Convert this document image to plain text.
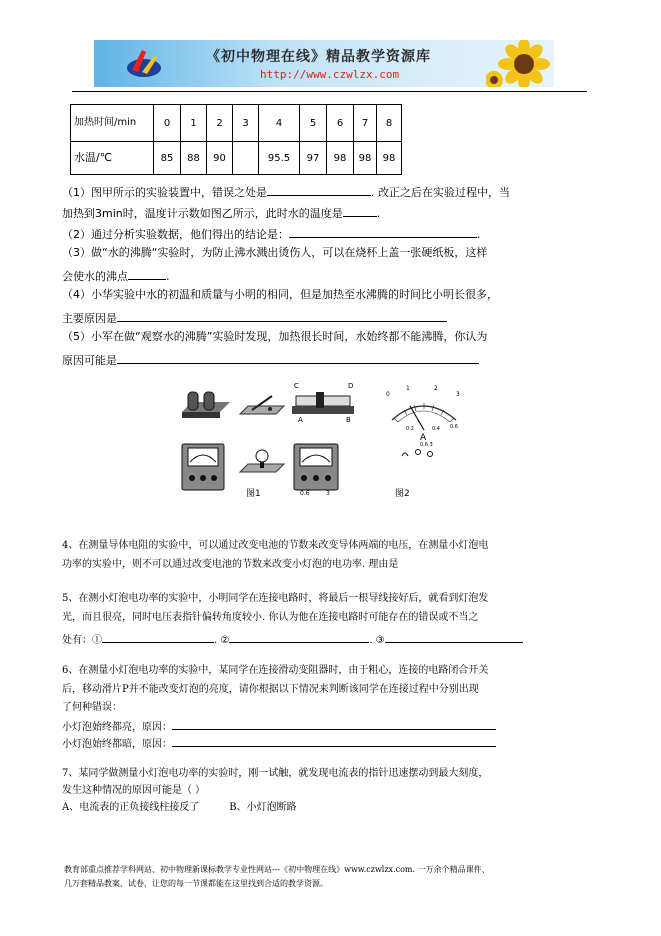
《初中物理在线》精品教学资源库
http://www.czwlzx.com
加热时间/min	0	1	2	3	4	5	6	7	8
水温/℃	85	88	90		95.5	97	98	98	98
（1）图甲所示的实验装置中，错误之处是	. 改正之后在实验过程中，当
加热到3min时，温度计示数如图乙所示，此时水的温度是	.
（2）通过分析实验数据，他们得出的结论是：	.
（3）做“水的沸腾“实验时，为防止沸水溅出烫伤人，可以在烧杯上盖一张硬纸板，这样
会使水的沸点	.
（4）小华实验中水的初温和质量与小明的相同，但是加热至水沸腾的时间比小明长很多，
主要原因是
（5）小军在做“观察水的沸腾”实验时发现，加热很长时间，水始终都不能沸腾，你认为
原因可能是
C	D
A	B
0.6	3
图1
0
1	2
3
0.2	0.4 0.6
A
0.6 3
图2
4、在测量导体电阻的实验中，可以通过改变电池的节数来改变导体两端的电压，在测量小灯泡电
功率的实验中，则不可以通过改变电池的节数来改变小灯泡的电功率. 理由是
5、在测小灯泡电功率的实验中，小明同学在连接电路时，将最后一根导线接好后，就看到灯泡发
光，而且很亮，同时电压表指针偏转角度较小. 你认为他在连接电路时可能存在的错误或不当之
处有：①	. ②	. ③
6、在测量小灯泡电功率的实验中，某同学在连接滑动变阻器时，由于粗心，连接的电路闭合开关
后，移动滑片P并不能改变灯泡的亮度，请你根据以下情况来判断该同学在连接过程中分别出现
了何种错误：
小灯泡始终都亮，原因：
小灯泡始终都暗，原因：
7、某同学做测量小灯泡电功率的实验时，刚一试触，就发现电流表的指针迅速摆动到最大刻度，
发生这种情况的原因可能是（ ）
A、电流表的正负接线柱接反了	B、小灯泡断路
教育部重点推荐学科网站、初中物理新课标教学专业性网站---《初中物理在线》www.czwlzx.com. 一万余个精品课件、
几万套精品教案、试卷，让您的每一节课都能在这里找到合适的教学资源。
